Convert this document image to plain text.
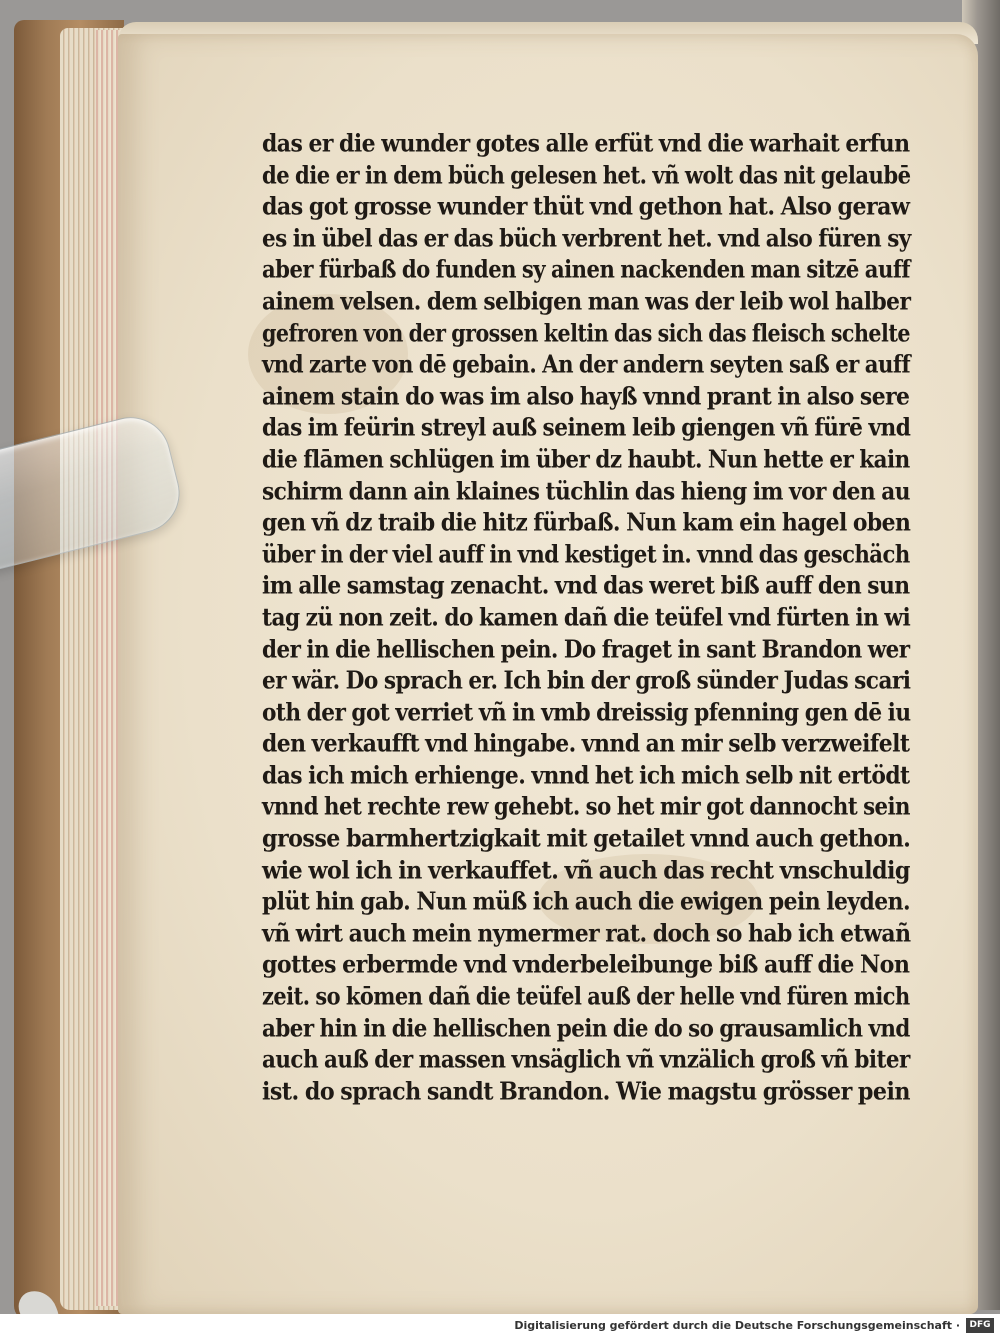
das er die wunder gotes alle erfüt vnd die warhait erfun
de die er in dem büch gelesen het. vñ wolt das nit gelaubē
das got grosse wunder thüt vnd gethon hat. Also geraw
es in übel das er das büch verbrent het. vnd also füren sy
aber fürbaß do funden sy ainen nackenden man sitzē auff
ainem velsen. dem selbigen man was der leib wol halber
gefroren von der grossen keltin das sich das fleisch schelte
vnd zarte von dē gebain. An der andern seyten saß er auff
ainem stain do was im also hayß vnnd prant in also sere
das im feürin streyl auß seinem leib giengen vñ fürē vnd
die flāmen schlügen im über dz haubt. Nun hette er kain
schirm dann ain klaines tüchlin das hieng im vor den au
gen vñ dz traib die hitz fürbaß. Nun kam ein hagel oben
über in der viel auff in vnd kestiget in. vnnd das geschäch
im alle samstag zenacht. vnd das weret biß auff den sun
tag zü non zeit. do kamen dañ die teüfel vnd fürten in wi
der in die hellischen pein. Do fraget in sant Brandon wer
er wär. Do sprach er. Ich bin der groß sünder Judas scari
oth der got verriet vñ in vmb dreissig pfenning gen dē iu
den verkaufft vnd hingabe. vnnd an mir selb verzweifelt
das ich mich erhienge. vnnd het ich mich selb nit ertödt
vnnd het rechte rew gehebt. so het mir got dannocht sein
grosse barmhertzigkait mit getailet vnnd auch gethon.
wie wol ich in verkauffet. vñ auch das recht vnschuldig
plüt hin gab. Nun müß ich auch die ewigen pein leyden.
vñ wirt auch mein nymermer rat. doch so hab ich etwañ
gottes erbermde vnd vnderbeleibunge biß auff die Non
zeit. so kōmen dañ die teüfel auß der helle vnd füren mich
aber hin in die hellischen pein die do so grausamlich vnd
auch auß der massen vnsäglich vñ vnzälich groß vñ biter
ist. do sprach sandt Brandon. Wie magstu grösser pein
Digitalisierung gefördert durch die Deutsche Forschungsgemeinschaft ·	DFG
